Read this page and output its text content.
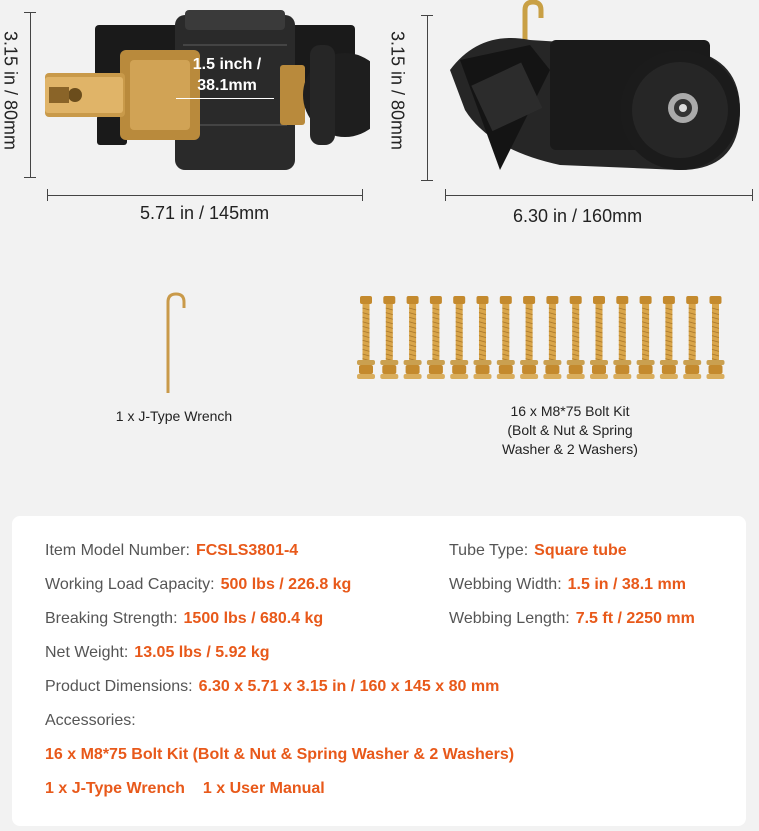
3.15 in / 80mm	1.5 inch /
38.1mm
5.71 in / 145mm
3.15 in / 80mm
6.30 in / 160mm
1 x J-Type Wrench	16 x M8*75 Bolt Kit
(Bolt & Nut & Spring
Washer & 2 Washers)
Item Model Number: FCSLS3801-4	Tube Type: Square tube
Working Load Capacity: 500 lbs / 226.8 kg	Webbing Width: 1.5 in / 38.1 mm
Breaking Strength: 1500 lbs / 680.4 kg	Webbing Length: 7.5 ft / 2250 mm
Net Weight: 13.05 lbs / 5.92 kg
Product Dimensions: 6.30 x 5.71 x 3.15 in / 160 x 145 x 80 mm
Accessories:
16 x M8*75 Bolt Kit (Bolt & Nut & Spring Washer & 2 Washers)
1 x J-Type Wrench 1 x User Manual
